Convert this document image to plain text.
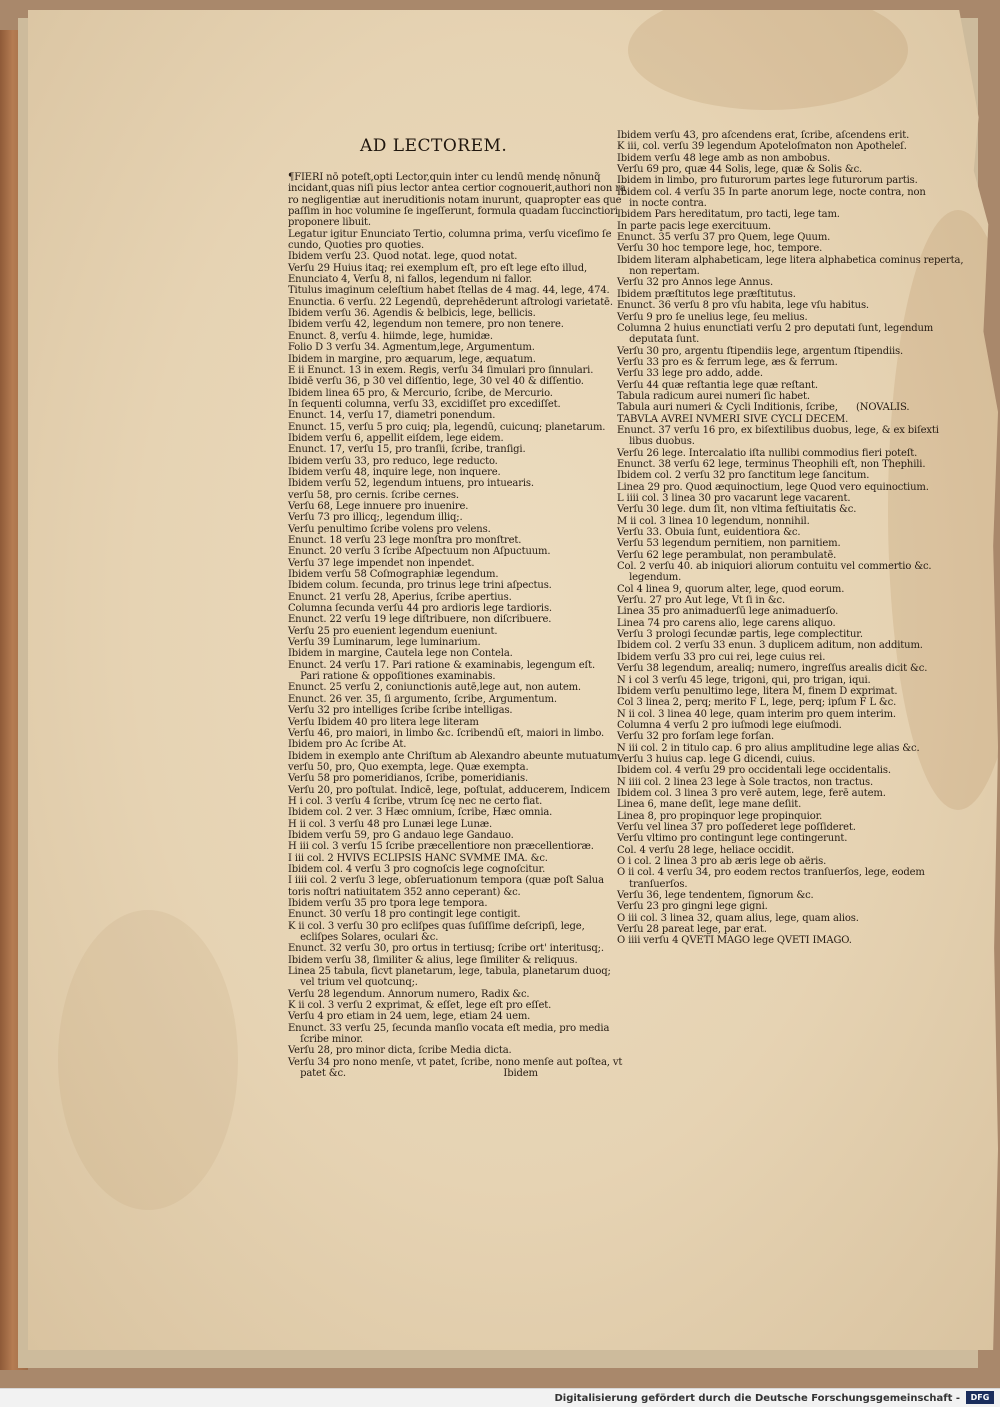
AD LECTOREM.
¶FIERI nō poteſt,opti Lector,quin inter cu lendū mendę nōnunq̃
incidant,quas niſi pius lector antea certior cognouerit,authori non ra
ro negligentiæ aut ineruditionis notam inurunt, quapropter eas que
paſſim in hoc volumine ſe ingeſſerunt, formula quadam ſuccinctiori
proponere libuit.
Legatur igitur Enunciato Tertio, columna prima, verſu viceſimo ſe
cundo, Quoties pro quoties.
Ibidem verſu 23. Quod notat. lege, quod notat.
Verſu 29 Huius itaq; rei exemplum eſt, pro eſt lege eſto illud,
Enunciato 4, Verſu 8, ni fallos, legendum ni fallor.
Titulus imaginum celeſtium habet ſtellas de 4 mag. 44, lege, 474.
Enunctia. 6 verſu. 22 Legendū, deprehēderunt aſtrologi varietatē.
Ibidem verſu 36. Agendis & belbicis, lege, bellicis.
Ibidem verſu 42, legendum non temere, pro non tenere.
Enunct. 8, verſu 4. hiimde, lege, humidæ.
Folio D 3 verſu 34. Agmentum,lege, Argumentum.
Ibidem in margine, pro æquarum, lege, æquatum.
E ii Enunct. 13 in exem. Regis, verſu 34 ſimulari pro ſinnulari.
Ibidē verſu 36, p 30 vel diſſentio, lege, 30 vel 40 & diſſentio.
Ibidem linea 65 pro, & Mercurio, ſcribe, de Mercurio.
In ſequenti columna, verſu 33, excidiſſet pro excediſſet.
Enunct. 14, verſu 17, diametri ponendum.
Enunct. 15, verſu 5 pro cuiq; pla, legendū, cuicunq; planetarum.
Ibidem verſu 6, appellit eiſdem, lege eidem.
Enunct. 17, verſu 15, pro tranſii, ſcribe, tranſigi.
Ibidem verſu 33, pro reduco, lege reducto.
Ibidem verſu 48, inquire lege, non inquere.
Ibidem verſu 52, legendum intuens, pro intuearis.
verſu 58, pro cernis. ſcribe cernes.
Verſu 68, Lege innuere pro inuenire.
Verſu 73 pro illicq;, legendum illiq;.
Verſu penultimo ſcribe volens pro velens.
Enunct. 18 verſu 23 lege monſtra pro monſtret.
Enunct. 20 verſu 3 ſcribe Aſpectuum non Aſpuctuum.
Verſu 37 lege impendet non inpendet.
Ibidem verſu 58 Coſmographiæ legendum.
Ibidem colum. ſecunda, pro trinus lege trini aſpectus.
Enunct. 21 verſu 28, Aperius, ſcribe apertius.
Columna ſecunda verſu 44 pro ardioris lege tardioris.
Enunct. 22 verſu 19 lege diſtribuere, non diſcribuere.
Verſu 25 pro euenient legendum eueniunt.
Verſu 39 Luminarum, lege luminarium.
Ibidem in margine, Cautela lege non Contela.
Enunct. 24 verſu 17. Pari ratione & examinabis, legengum eſt.
Pari ratione & oppoſitiones examinabis.
Enunct. 25 verſu 2, coniunctionis autē,lege aut, non autem.
Enunct. 26 ver. 35, ſi argumento, ſcribe, Argumentum.
Verſu 32 pro intelliges ſcribe ſcribe intelligas.
Verſu Ibidem 40 pro litera lege literam
Verſu 46, pro maiori, in limbo &c. ſcribendū eſt, maiori in limbo.
Ibidem pro Ac ſcribe At.
Ibidem in exemplo ante Chriſtum ab Alexandro abeunte mutuatum
verſu 50, pro, Quo exempta, lege. Quæ exempta.
Verſu 58 pro pomeridianos, ſcribe, pomeridianis.
Verſu 20, pro poſtulat. Indicē, lege, poſtulat, adducerem, Indicem
H i col. 3 verſu 4 ſcribe, vtrum ſcę nec ne certo fiat.
Ibidem col. 2 ver. 3 Hæc omnium, ſcribe, Hæc omnia.
H ii col. 3 verſu 48 pro Lunæi lege Lunæ.
Ibidem verſu 59, pro G andauo lege Gandauo.
H iii col. 3 verſu 15 ſcribe præcellentiore non præcellentioræ.
I iii col. 2 HVIVS ECLIPSIS HANC SVMME IMA. &c.
Ibidem col. 4 verſu 3 pro cognoſcis lege cognoſcitur.
I iiii col. 2 verſu 3 lege, obſeruationum tempora (quæ poſt Salua
toris noſtri natiuitatem 352 anno ceperant) &c.
Ibidem verſu 35 pro tpora lege tempora.
Enunct. 30 verſu 18 pro contingit lege contigit.
K ii col. 3 verſu 30 pro ecliſpes quas ſuſiſſime deſcripſi, lege,
ecliſpes Solares, oculari &c.
Enunct. 32 verſu 30, pro ortus in tertiusq; ſcribe ort' interitusq;.
Ibidem verſu 38, ſimiliter & alius, lege ſimiliter & reliquus.
Linea 25 tabula, ſicvt planetarum, lege, tabula, planetarum duoq;
vel trium vel quotcunq;.
Verſu 28 legendum. Annorum numero, Radix &c.
K ii col. 3 verſu 2 exprimat, & eſſet, lege eſt pro eſſet.
Verſu 4 pro etiam in 24 uem, lege, etiam 24 uem.
Enunct. 33 verſu 25, ſecunda manſio vocata eſt media, pro media
ſcribe minor.
Verſu 28, pro minor dicta, ſcribe Media dicta.
Verſu 34 pro nono menſe, vt patet, ſcribe, nono menſe aut poſtea, vt
patet &c.                                                    Ibidem
Ibidem verſu 43, pro aſcendens erat, ſcribe, aſcendens erit.
K iii, col. verſu 39 legendum Apoteloſmaton non Apotheleſ.
Ibidem verſu 48 lege amb as non ambobus.
Verſu 69 pro, quæ 44 Solis, lege, quæ & Solis &c.
Ibidem in limbo, pro futurorum partes lege futurorum partis.
Ibidem col. 4 verſu 35 In parte anorum lege, nocte contra, non
in nocte contra.
Ibidem Pars hereditatum, pro tacti, lege tam.
In parte pacis lege exercituum.
Enunct. 35 verſu 37 pro Quem, lege Quum.
Verſu 30 hoc tempore lege, hoc, tempore.
Ibidem literam alphabeticam, lege litera alphabetica cominus reperta,
non repertam.
Verſu 32 pro Annos lege Annus.
Ibidem præſtitutos lege præſtitutus.
Enunct. 36 verſu 8 pro vſu habita, lege vſu habitus.
Verſu 9 pro ſe unelius lege, ſeu melius.
Columna 2 huius enunctiati verſu 2 pro deputati ſunt, legendum
deputata ſunt.
Verſu 30 pro, argentu ſtipendiis lege, argentum ſtipendiis.
Verſu 33 pro es & ferrum lege, æs & ferrum.
Verſu 33 lege pro addo, adde.
Verſu 44 quæ reſtantia lege quæ reſtant.
Tabula radicum aurei numeri ſic habet.
Tabula auri numeri & Cycli Inditionis, ſcribe,      (NOVALIS.
TABVLA AVREI NVMERI SIVE CYCLI DECEM.
Enunct. 37 verſu 16 pro, ex biſextilibus duobus, lege, & ex biſexti
libus duobus.
Verſu 26 lege. Intercalatio iſta nullibi commodius fieri poteſt.
Enunct. 38 verſu 62 lege, terminus Theophili eſt, non Thephili.
Ibidem col. 2 verſu 32 pro ſanctitum lege ſancitum.
Linea 29 pro. Quod æquinoctium, lege Quod vero equinoctium.
L iiii col. 3 linea 30 pro vacarunt lege vacarent.
Verſu 30 lege. dum ſit, non vltima feſtiuitatis &c.
M ii col. 3 linea 10 legendum, nonnihil.
Verſu 33. Obuia ſunt, euidentiora &c.
Verſu 53 legendum pernitiem, non parnitiem.
Verſu 62 lege perambulat, non perambulatē.
Col. 2 verſu 40. ab iniquiori aliorum contuitu vel commertio &c.
legendum.
Col 4 linea 9, quorum alter, lege, quod eorum.
Verſu. 27 pro Aut lege, Vt ſi in &c.
Linea 35 pro animaduerſū lege animaduerſo.
Linea 74 pro carens alio, lege carens aliquo.
Verſu 3 prologi ſecundæ partis, lege complectitur.
Ibidem col. 2 verſu 33 enun. 3 duplicem aditum, non additum.
Ibidem verſu 33 pro cui rei, lege cuius rei.
Verſu 38 legendum, arealiq; numero, ingreſſus arealis dicit &c.
N i col 3 verſu 45 lege, trigoni, qui, pro trigan, iqui.
Ibidem verſu penultimo lege, litera M, finem D exprimat.
Col 3 linea 2, perq; merito F L, lege, perq; ipſum F L &c.
N ii col. 3 linea 40 lege, quam interim pro quem interim.
Columna 4 verſu 2 pro iuſmodi lege eiuſmodi.
Verſu 32 pro forſam lege forſan.
N iii col. 2 in titulo cap. 6 pro alius amplitudine lege alias &c.
Verſu 3 huius cap. lege G dicendi, cuius.
Ibidem col. 4 verſu 29 pro occidentali lege occidentalis.
N iiii col. 2 linea 23 lege à Sole tractos, non tractus.
Ibidem col. 3 linea 3 pro verē autem, lege, ferē autem.
Linea 6, mane deſit, lege mane deſiit.
Linea 8, pro propinquor lege propinquior.
Verſu vel linea 37 pro poſſederet lege poſſideret.
Verſu vltimo pro contingunt lege contingerunt.
Col. 4 verſu 28 lege, heliace occidit.
O i col. 2 linea 3 pro ab æris lege ob aëris.
O ii col. 4 verſu 34, pro eodem rectos tranſuerſos, lege, eodem
tranſuerſos.
Verſu 36, lege tendentem, ſignorum &c.
Verſu 23 pro gingni lege gigni.
O iii col. 3 linea 32, quam alius, lege, quam alios.
Verſu 28 pareat lege, par erat.
O iiii verſu 4 QVETI MAGO lege QVETI IMAGO.
Digitalisierung gefördert durch die Deutsche Forschungsgemeinschaft -	DFG
